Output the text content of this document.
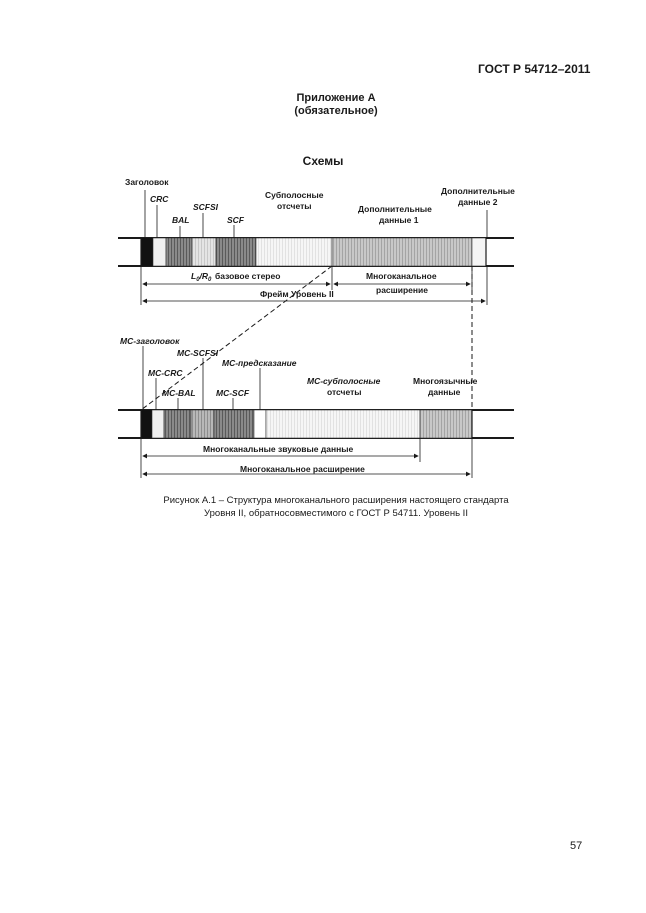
ГОСТ Р 54712–2011
Приложение А
(обязательное)
Схемы
Заголовок
CRC
BAL
SCFSI
SCF
Субполосные
отсчеты	Дополнительные
данные 1
Дополнительные
данные 2
$L_0/R_0$ базовое стерео	Многоканальное
расширение
Фрейм Уровень II
MC-заголовок
MC-CRC
MC-BAL
MC-SCFSI
MC-SCF
MC-предсказание
MC-субполосные
отсчеты
Многоязычные
данные
Многоканальные звуковые данные
Многоканальное расширение
Рисунок А.1 – Структура многоканального расширения настоящего стандарта
Уровня II, обратносовместимого с ГОСТ Р 54711. Уровень II
57
